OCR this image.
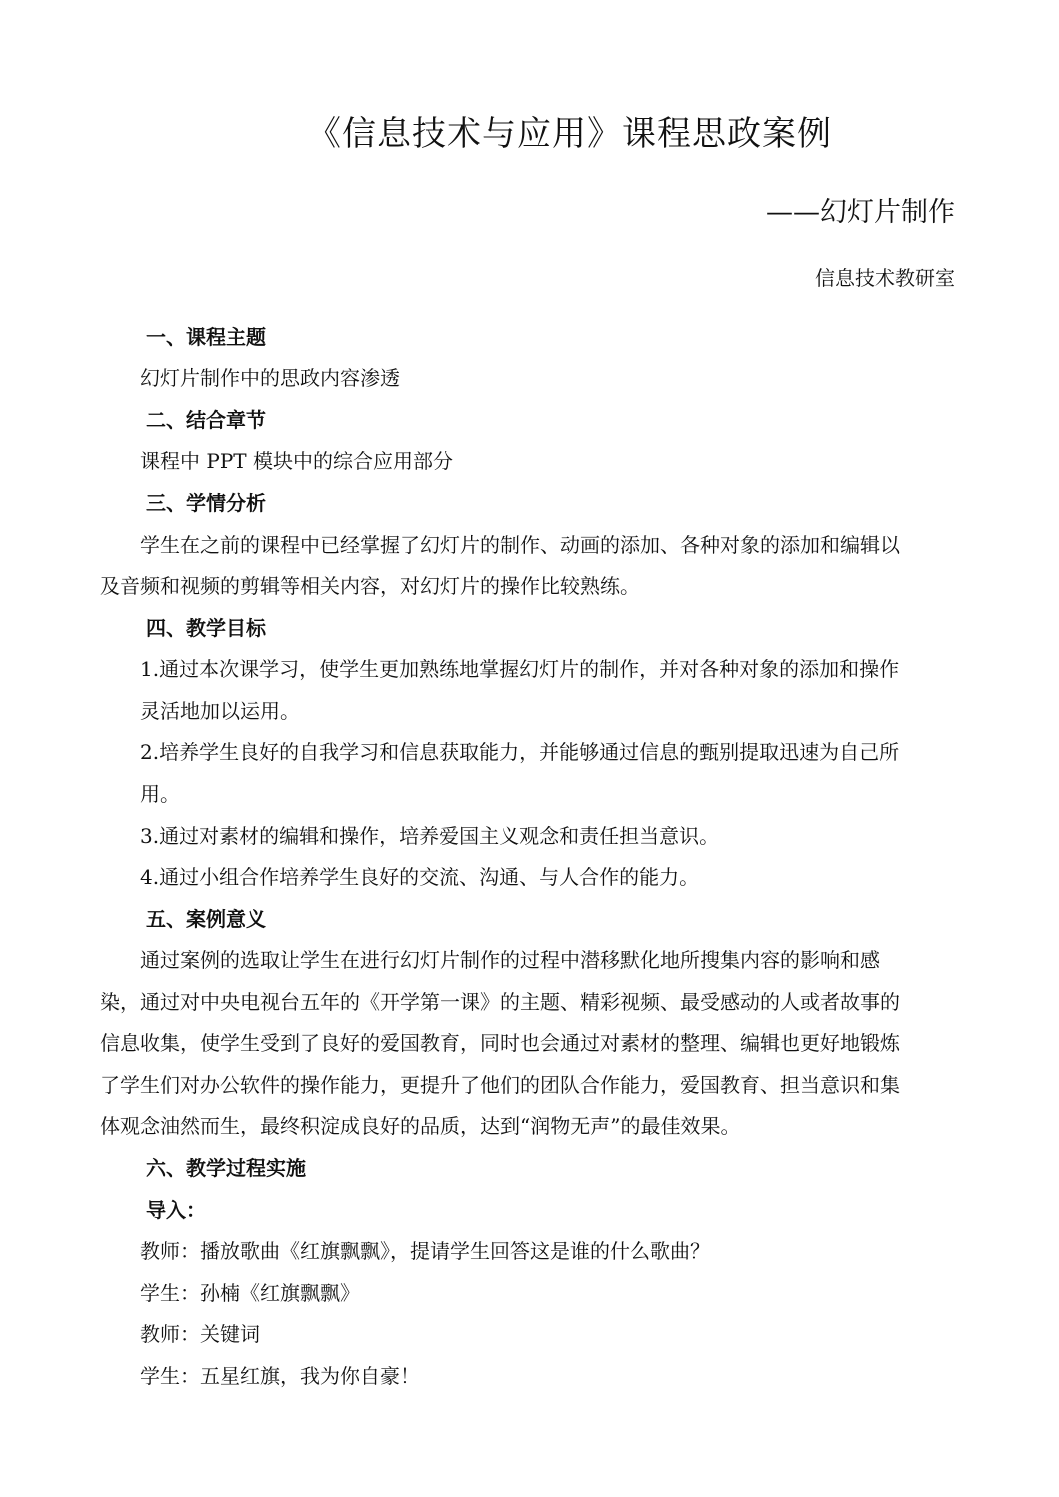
《信息技术与应用》课程思政案例
——幻灯片制作
信息技术教研室
一、课程主题
幻灯片制作中的思政内容渗透
二、结合章节
课程中 PPT 模块中的综合应用部分
三、学情分析
学生在之前的课程中已经掌握了幻灯片的制作、动画的添加、各种对象的添加和编辑以
及音频和视频的剪辑等相关内容，对幻灯片的操作比较熟练。
四、教学目标
1.通过本次课学习，使学生更加熟练地掌握幻灯片的制作，并对各种对象的添加和操作
灵活地加以运用。
2.培养学生良好的自我学习和信息获取能力，并能够通过信息的甄别提取迅速为自己所
用。
3.通过对素材的编辑和操作，培养爱国主义观念和责任担当意识。
4.通过小组合作培养学生良好的交流、沟通、与人合作的能力。
五、案例意义
通过案例的选取让学生在进行幻灯片制作的过程中潜移默化地所搜集内容的影响和感
染，通过对中央电视台五年的《开学第一课》的主题、精彩视频、最受感动的人或者故事的
信息收集，使学生受到了良好的爱国教育，同时也会通过对素材的整理、编辑也更好地锻炼
了学生们对办公软件的操作能力，更提升了他们的团队合作能力，爱国教育、担当意识和集
体观念油然而生，最终积淀成良好的品质，达到“润物无声”的最佳效果。
六、教学过程实施
导入：
教师：播放歌曲《红旗飘飘》，提请学生回答这是谁的什么歌曲？
学生：孙楠《红旗飘飘》
教师：关键词
学生：五星红旗，我为你自豪！
